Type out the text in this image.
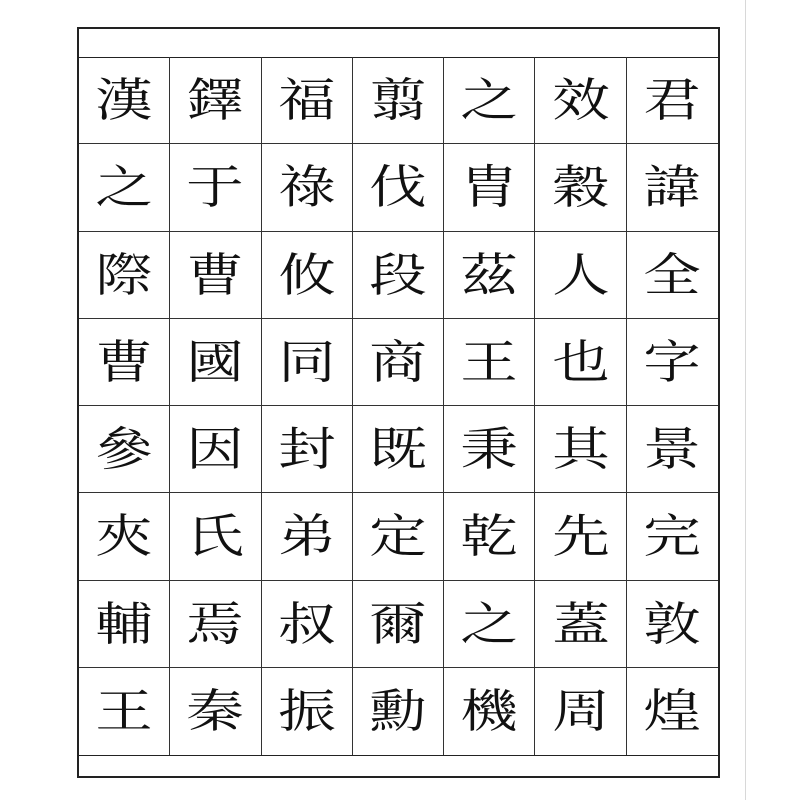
漢 鐸 福 翦 之 效 君
之 于 祿 伐 胄 穀 諱
際 曹 攸 段 茲 人 全
曹 國 同 商 王 也 字
參 因 封 既 秉 其 景
夾 氏 弟 定 乾 先 完
輔 焉 叔 爾 之 蓋 敦
王 秦 振 勳 機 周 煌
